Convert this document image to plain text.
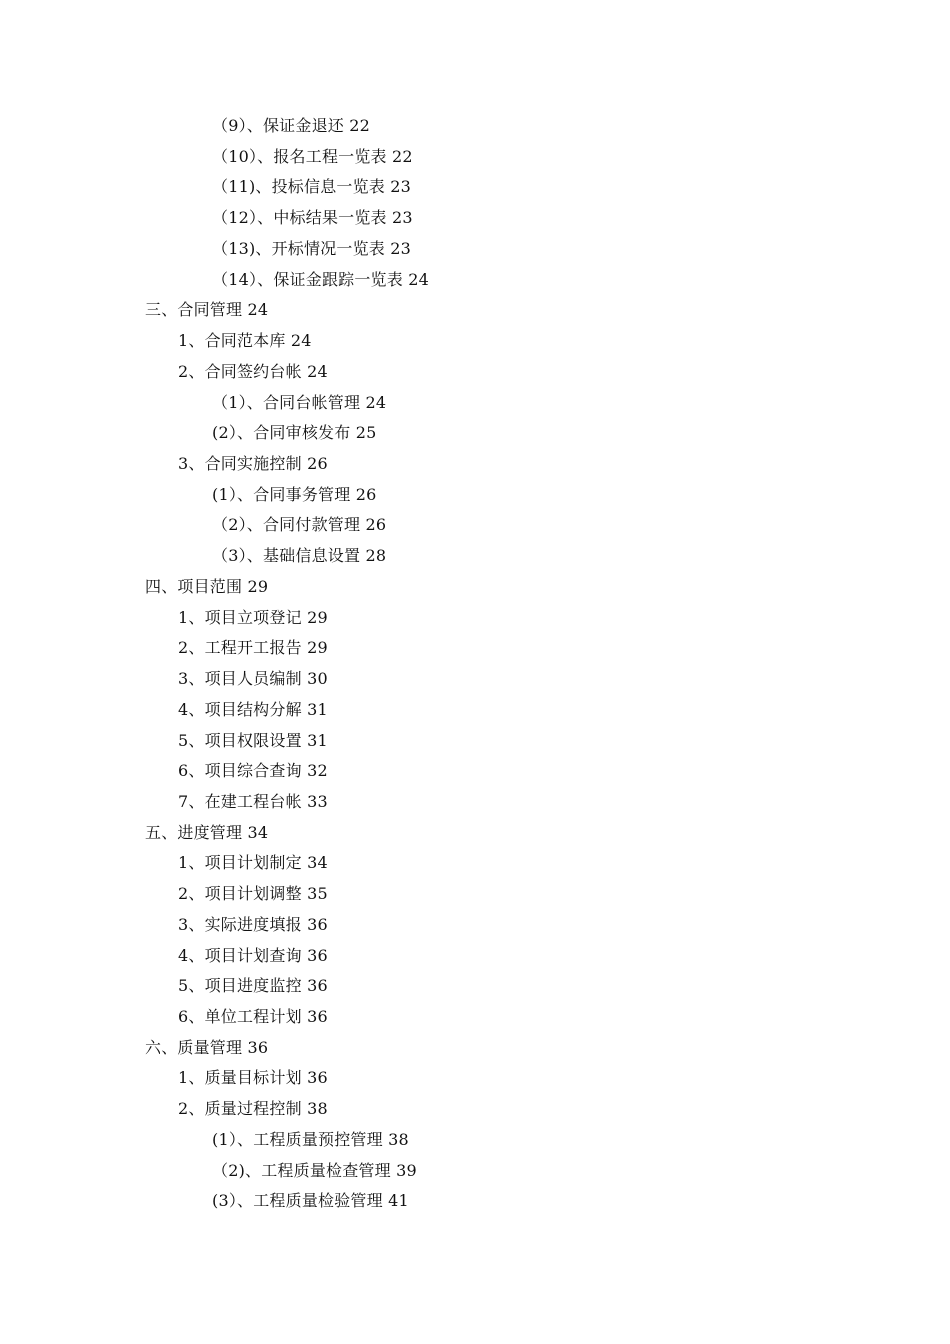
（9）、保证金退还 22
（10）、报名工程一览表 22
（11)、投标信息一览表 23
（12）、中标结果一览表 23
（13)、开标情况一览表 23
（14）、保证金跟踪一览表 24
三、合同管理 24
1、合同范本库 24
2、合同签约台帐 24
（1）、合同台帐管理 24
(2）、合同审核发布 25
3、合同实施控制 26
(1）、合同事务管理 26
（2）、合同付款管理 26
（3）、基础信息设置 28
四、项目范围 29
1、项目立项登记 29
2、工程开工报告 29
3、项目人员编制 30
4、项目结构分解 31
5、项目权限设置 31
6、项目综合查询 32
7、在建工程台帐 33
五、进度管理 34
1、项目计划制定 34
2、项目计划调整 35
3、实际进度填报 36
4、项目计划查询 36
5、项目进度监控 36
6、单位工程计划 36
六、质量管理 36
1、质量目标计划 36
2、质量过程控制 38
(1）、工程质量预控管理 38
（2)、工程质量检查管理 39
(3）、工程质量检验管理 41
